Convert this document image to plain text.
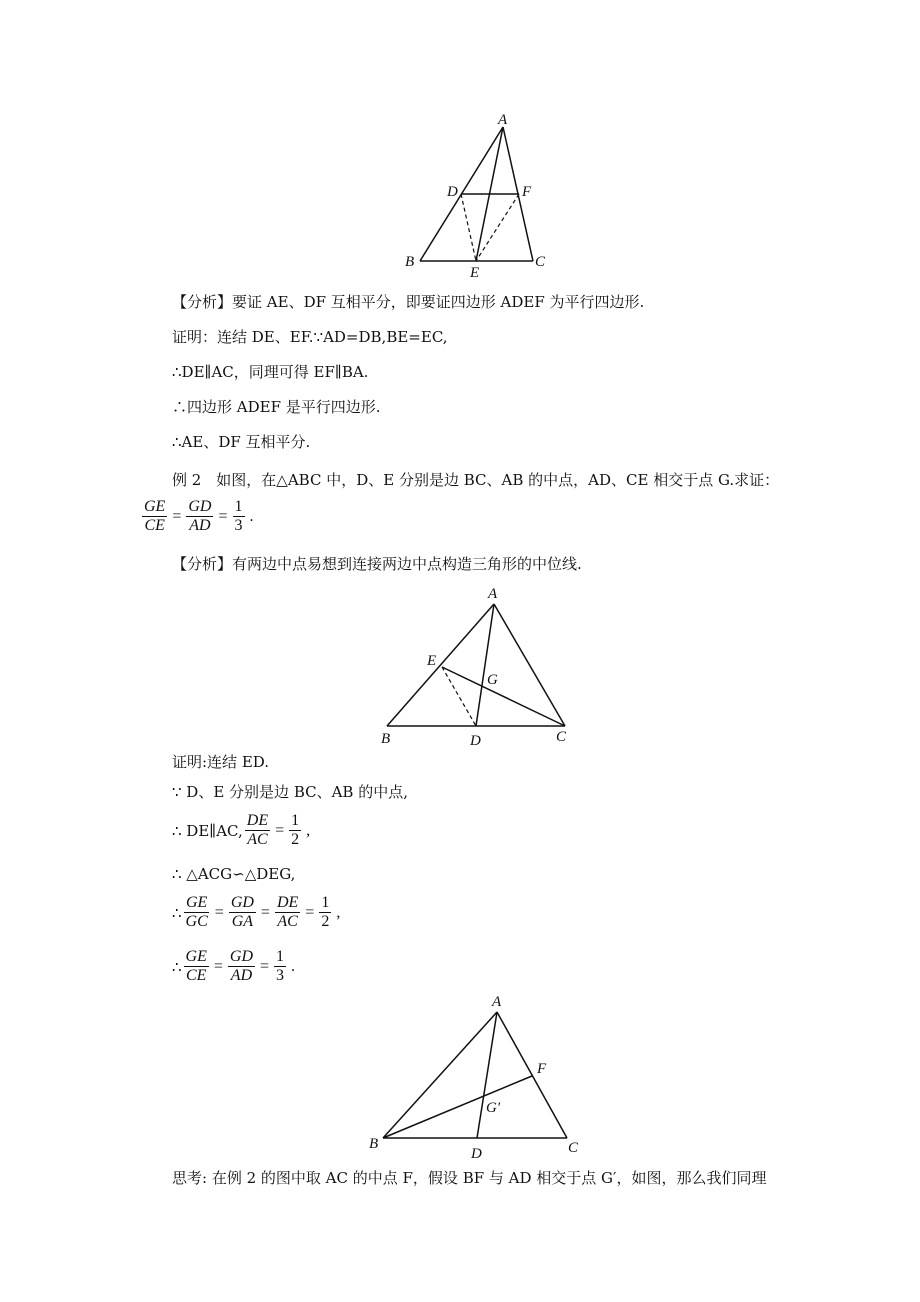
A
D	F
B
E
C
【分析】要证 AE、DF 互相平分，即要证四边形 ADEF 为平行四边形.
证明：连结 DE、EF.∵AD=DB,BE=EC,
∴DE∥AC，同理可得 EF∥BA.
∴四边形 ADEF 是平行四边形.
∴AE、DF 互相平分.
例 2　如图，在△ABC 中，D、E 分别是边 BC、AB 的中点，AD、CE 相交于点 G.求证：
$\frac{GE}{CE} = \frac{GD}{AD} = \frac{1}{3}$ .
【分析】有两边中点易想到连接两边中点构造三角形的中位线.
A
E
G
B	D	C
证明:连结 ED.
∵ D、E 分别是边 BC、AB 的中点,
∴ DE∥AC, $\frac{DE}{AC} = \frac{1}{2}$ ,
∴ △ACG∽△DEG,
∴ $\frac{GE}{GC} = \frac{GD}{GA} = \frac{DE}{AC} = \frac{1}{2}$ ,
∴ $\frac{GE}{CE} = \frac{GD}{AD} = \frac{1}{3}$ .
A
F
G′
B
D	C
思考: 在例 2 的图中取 AC 的中点 F，假设 BF 与 AD 相交于点 G′，如图，那么我们同理
